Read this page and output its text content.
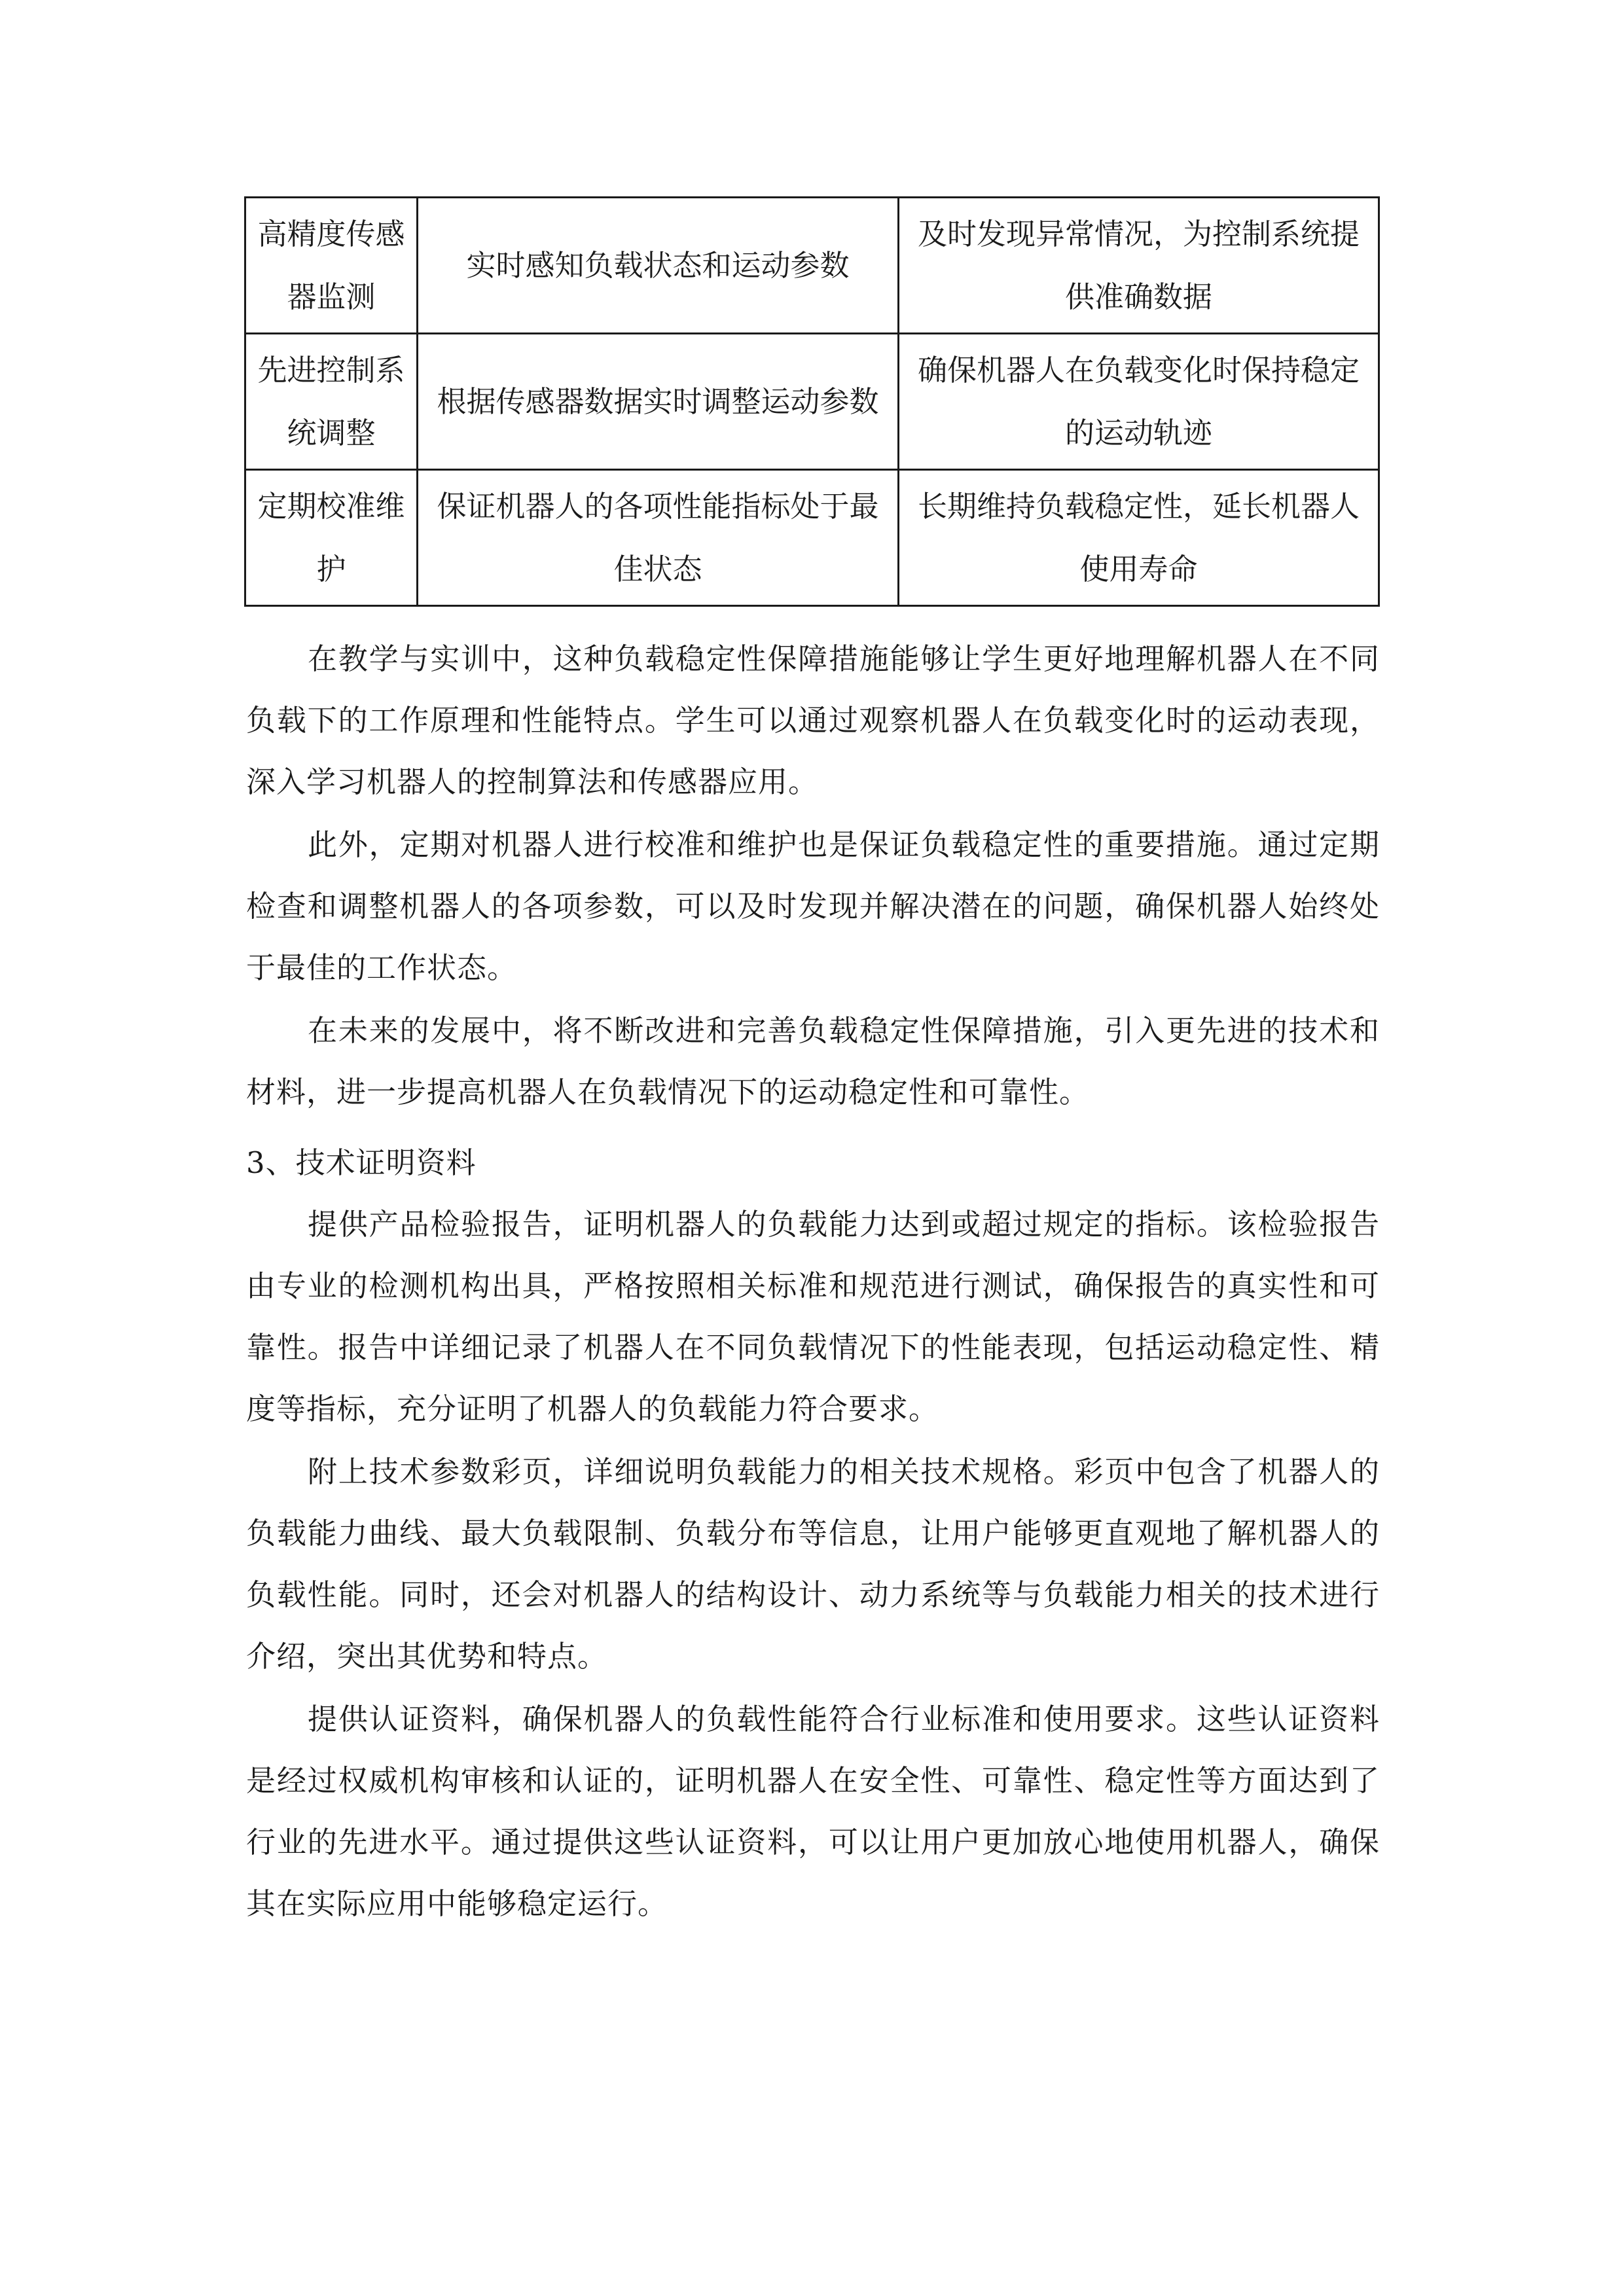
高精度传感器监测	实时感知负载状态和运动参数	及时发现异常情况，为控制系统提供准确数据
先进控制系统调整	根据传感器数据实时调整运动参数	确保机器人在负载变化时保持稳定的运动轨迹
定期校准维护	保证机器人的各项性能指标处于最佳状态	长期维持负载稳定性，延长机器人使用寿命

在教学与实训中，这种负载稳定性保障措施能够让学生更好地理解机器人在不同负载下的工作原理和性能特点。学生可以通过观察机器人在负载变化时的运动表现，深入学习机器人的控制算法和传感器应用。

此外，定期对机器人进行校准和维护也是保证负载稳定性的重要措施。通过定期检查和调整机器人的各项参数，可以及时发现并解决潜在的问题，确保机器人始终处于最佳的工作状态。

在未来的发展中，将不断改进和完善负载稳定性保障措施，引入更先进的技术和材料，进一步提高机器人在负载情况下的运动稳定性和可靠性。

3、技术证明资料

提供产品检验报告，证明机器人的负载能力达到或超过规定的指标。该检验报告由专业的检测机构出具，严格按照相关标准和规范进行测试，确保报告的真实性和可靠性。报告中详细记录了机器人在不同负载情况下的性能表现，包括运动稳定性、精度等指标，充分证明了机器人的负载能力符合要求。

附上技术参数彩页，详细说明负载能力的相关技术规格。彩页中包含了机器人的负载能力曲线、最大负载限制、负载分布等信息，让用户能够更直观地了解机器人的负载性能。同时，还会对机器人的结构设计、动力系统等与负载能力相关的技术进行介绍，突出其优势和特点。

提供认证资料，确保机器人的负载性能符合行业标准和使用要求。这些认证资料是经过权威机构审核和认证的，证明机器人在安全性、可靠性、稳定性等方面达到了行业的先进水平。通过提供这些认证资料，可以让用户更加放心地使用机器人，确保其在实际应用中能够稳定运行。
